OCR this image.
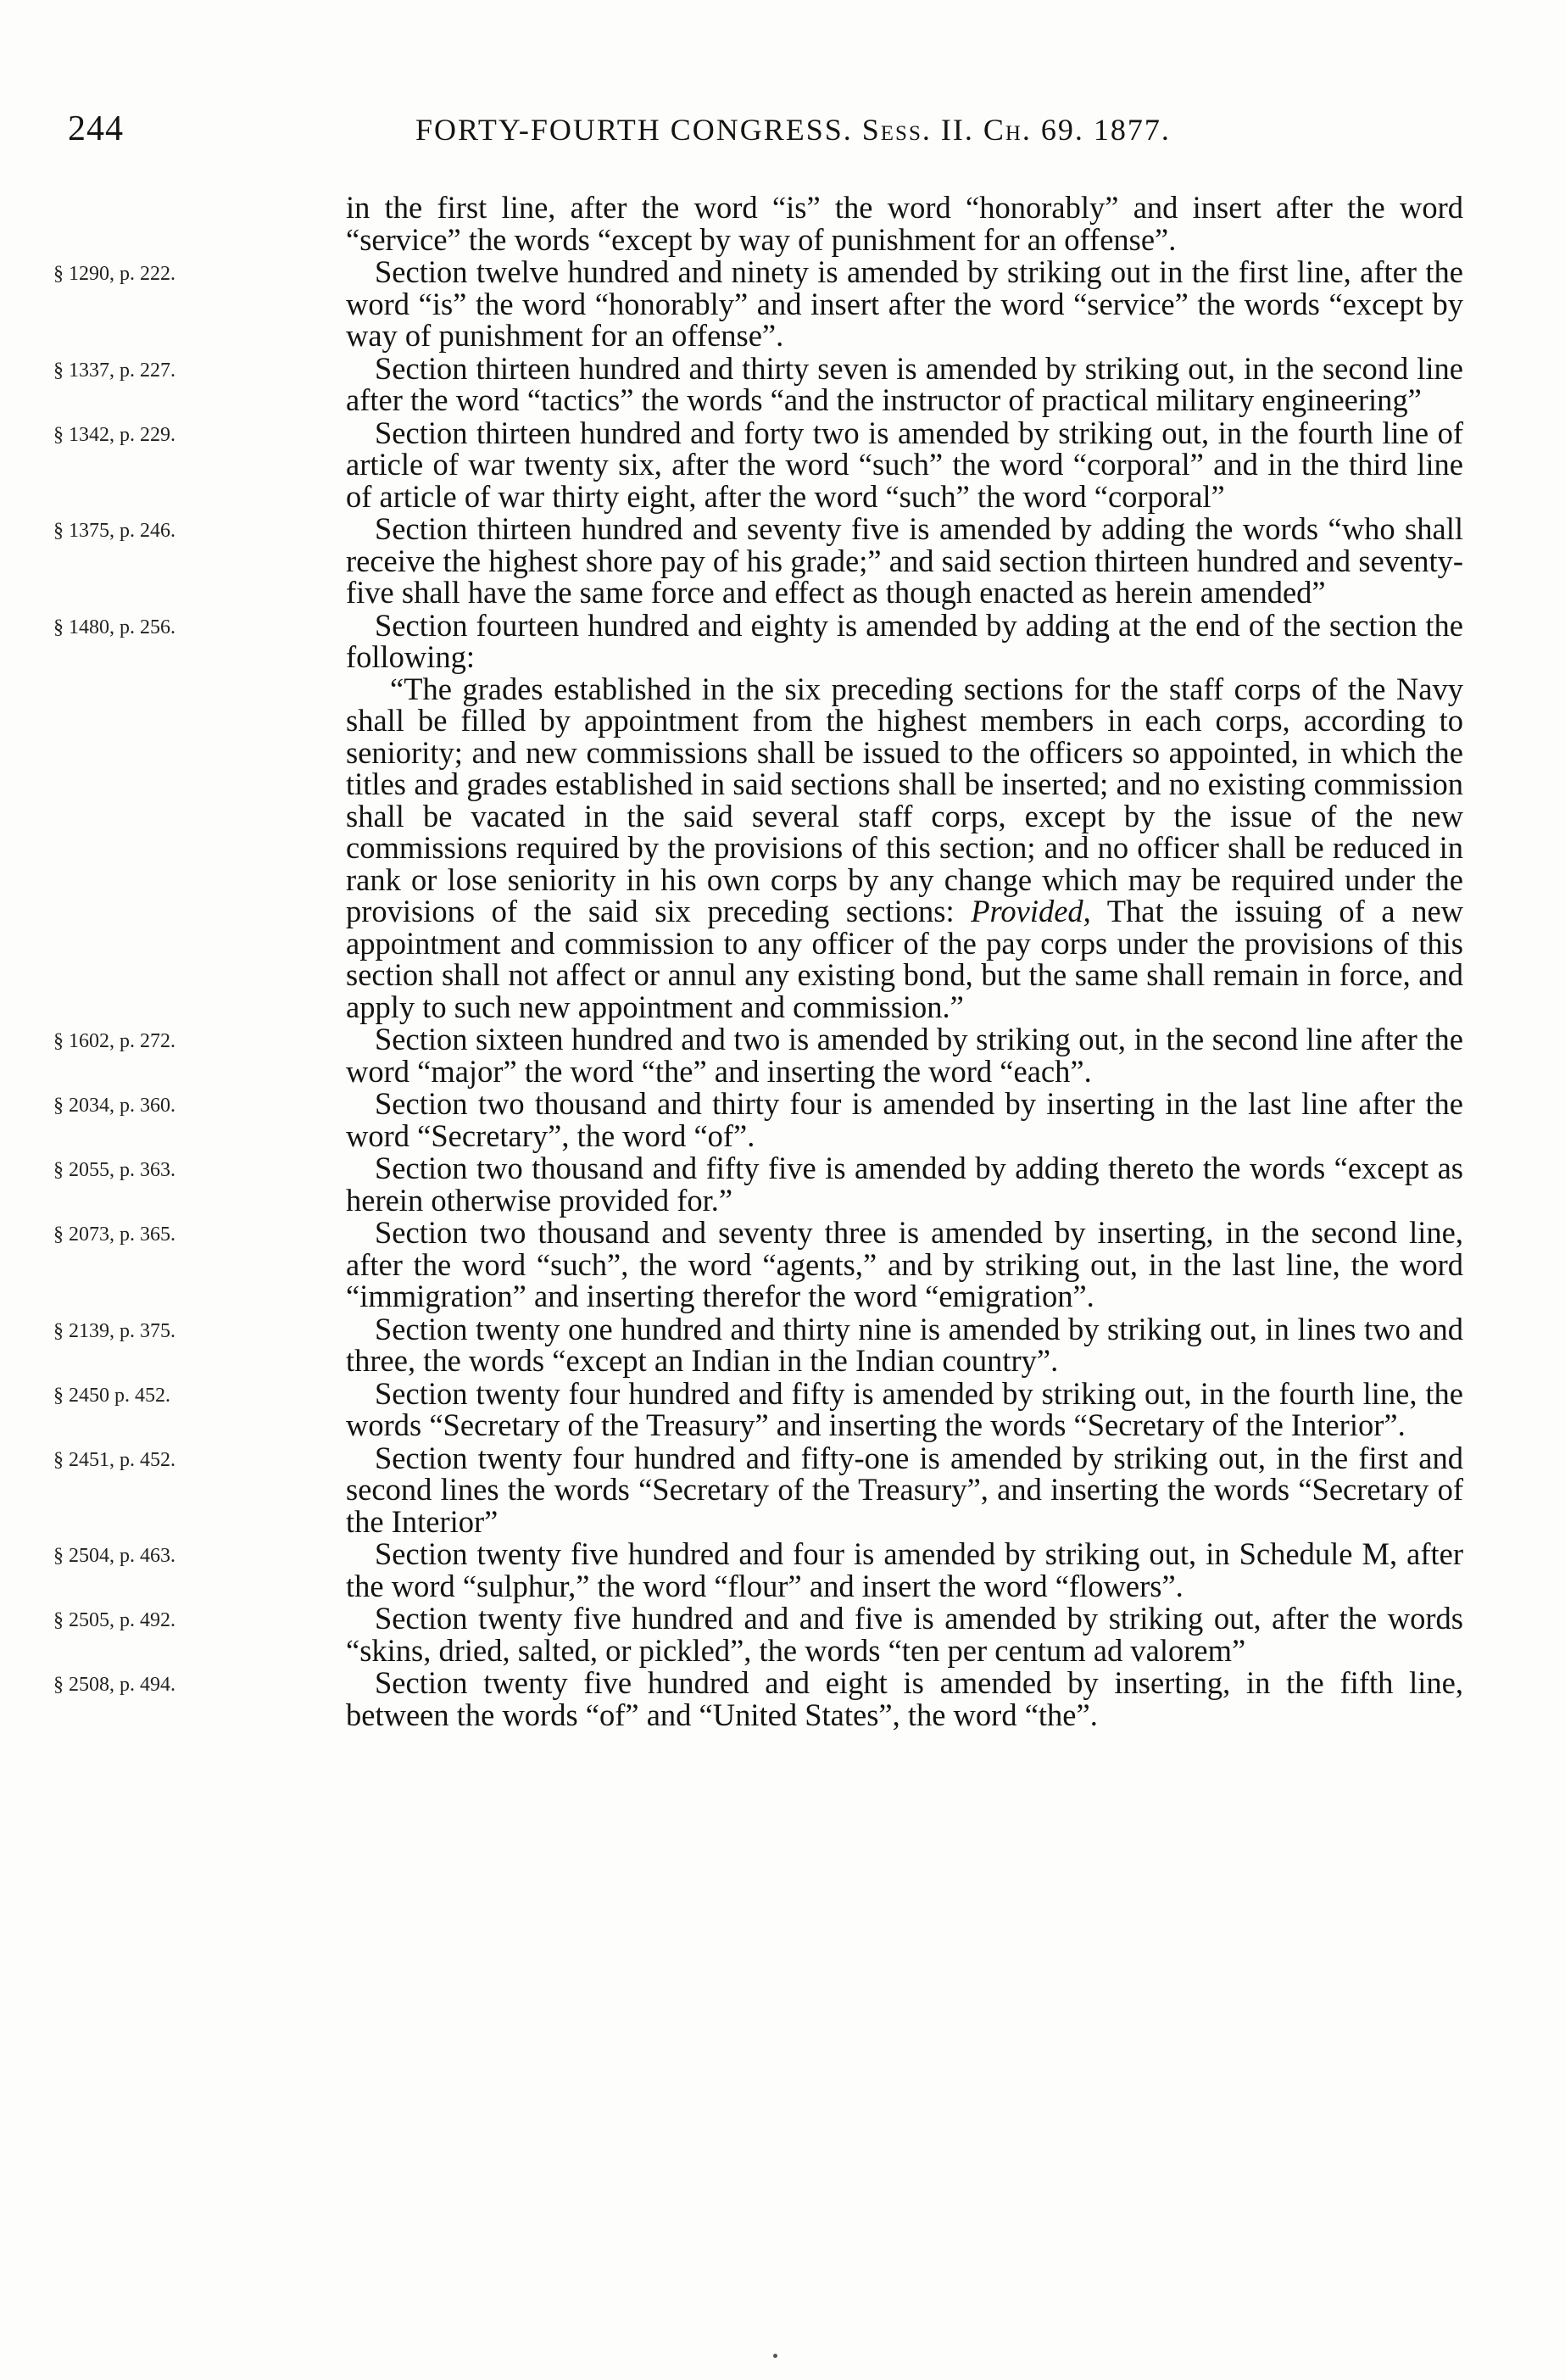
244	FORTY-FOURTH CONGRESS. Sess. II. Ch. 69. 1877.

in the first line, after the word “is” the word “honorably” and insert after the word “service” the words “except by way of punishment for an offense”.

§ 1290, p. 222.	Section twelve hundred and ninety is amended by striking out in the first line, after the word “is” the word “honorably” and insert after the word “service” the words “except by way of punishment for an offense”.

§ 1337, p. 227.	Section thirteen hundred and thirty seven is amended by striking out, in the second line after the word “tactics” the words “and the instructor of practical military engineering”

§ 1342, p. 229.	Section thirteen hundred and forty two is amended by striking out, in the fourth line of article of war twenty six, after the word “such” the word “corporal” and in the third line of article of war thirty eight, after the word “such” the word “corporal”

§ 1375, p. 246.	Section thirteen hundred and seventy five is amended by adding the words “who shall receive the highest shore pay of his grade;” and said section thirteen hundred and seventy-five shall have the same force and effect as though enacted as herein amended”

§ 1480, p. 256.	Section fourteen hundred and eighty is amended by adding at the end of the section the following:

“The grades established in the six preceding sections for the staff corps of the Navy shall be filled by appointment from the highest members in each corps, according to seniority; and new commissions shall be issued to the officers so appointed, in which the titles and grades established in said sections shall be inserted; and no existing commission shall be vacated in the said several staff corps, except by the issue of the new commissions required by the provisions of this section; and no officer shall be reduced in rank or lose seniority in his own corps by any change which may be required under the provisions of the said six preceding sections: Provided, That the issuing of a new appointment and commission to any officer of the pay corps under the provisions of this section shall not affect or annul any existing bond, but the same shall remain in force, and apply to such new appointment and commission.”

§ 1602, p. 272.	Section sixteen hundred and two is amended by striking out, in the second line after the word “major” the word “the” and inserting the word “each”.

§ 2034, p. 360.	Section two thousand and thirty four is amended by inserting in the last line after the word “Secretary”, the word “of”.

§ 2055, p. 363.	Section two thousand and fifty five is amended by adding thereto the words “except as herein otherwise provided for.”

§ 2073, p. 365.	Section two thousand and seventy three is amended by inserting, in the second line, after the word “such”, the word “agents,” and by striking out, in the last line, the word “immigration” and inserting therefor the word “emigration”.

§ 2139, p. 375.	Section twenty one hundred and thirty nine is amended by striking out, in lines two and three, the words “except an Indian in the Indian country”.

§ 2450 p. 452.	Section twenty four hundred and fifty is amended by striking out, in the fourth line, the words “Secretary of the Treasury” and inserting the words “Secretary of the Interior”.

§ 2451, p. 452.	Section twenty four hundred and fifty-one is amended by striking out, in the first and second lines the words “Secretary of the Treasury”, and inserting the words “Secretary of the Interior”

§ 2504, p. 463.	Section twenty five hundred and four is amended by striking out, in Schedule M, after the word “sulphur,” the word “flour” and insert the word “flowers”.

§ 2505, p. 492.	Section twenty five hundred and and five is amended by striking out, after the words “skins, dried, salted, or pickled”, the words “ten per centum ad valorem”

§ 2508, p. 494.	Section twenty five hundred and eight is amended by inserting, in the fifth line, between the words “of” and “United States”, the word “the”.
